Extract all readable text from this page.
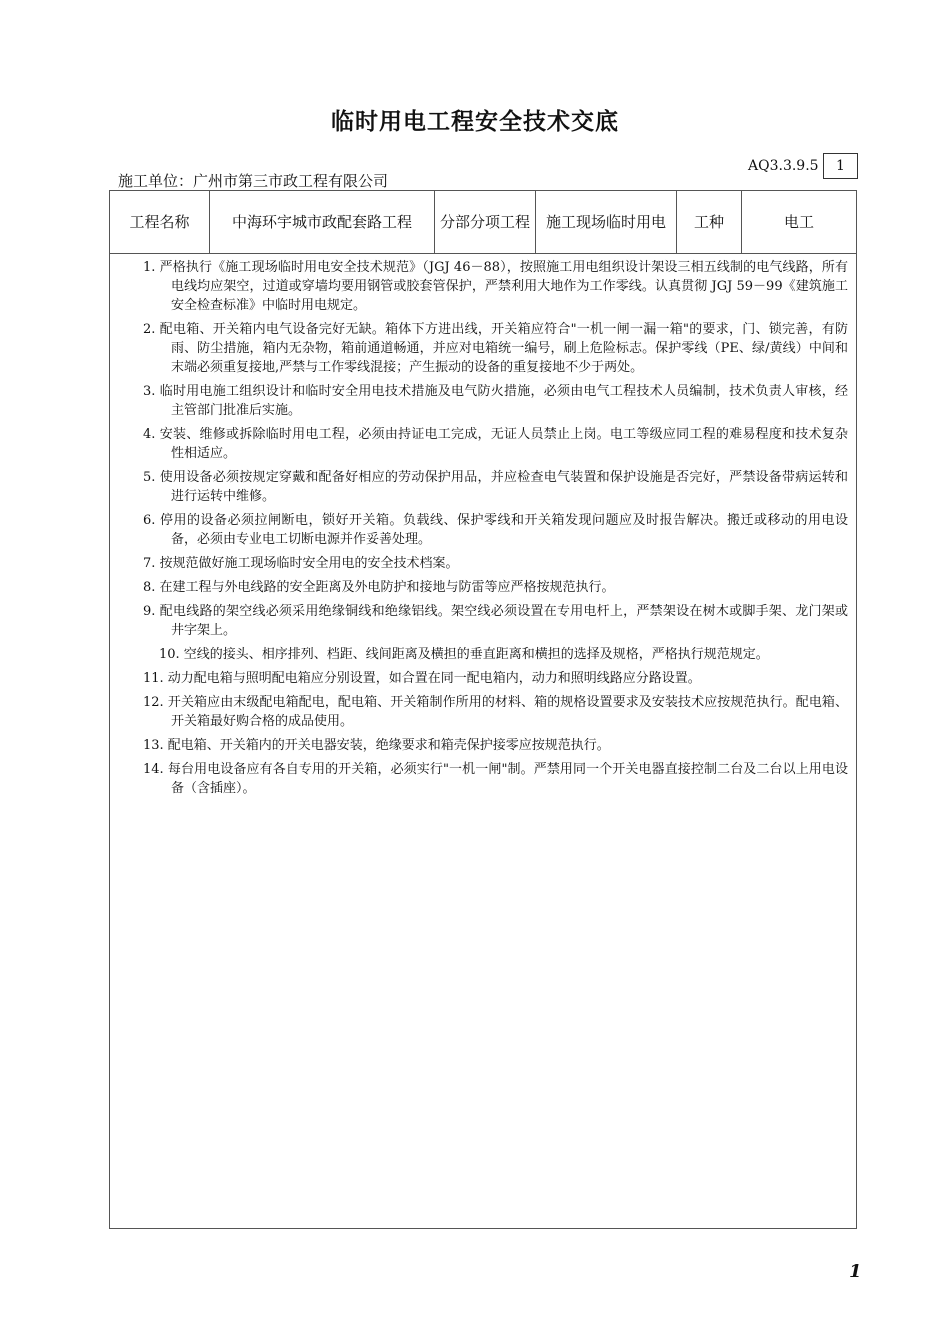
临时用电工程安全技术交底
施工单位：广州市第三市政工程有限公司
AQ3.3.9.5	1
工程名称	中海环宇城市政配套路工程	分部分项工程	施工现场 临时用电	工种	电工
1. 严格执行《施工现场临时用电安全技术规范》（JGJ 46－88），按照施工用电组织设计架设三相五线制的电气线路，所有电线均应架空，过道或穿墙均要用钢管或胶套管保护，严禁利用大地作为工作零线。认真贯彻 JGJ 59－99《建筑施工安全检查标准》中临时用电规定。
2. 配电箱、开关箱内电气设备完好无缺。箱体下方进出线，开关箱应符合"一机一闸一漏一箱"的要求，门、锁完善，有防雨、防尘措施，箱内无杂物，箱前通道畅通，并应对电箱统一编号，刷上危险标志。保护零线（PE、绿/黄线）中间和末端必须重复接地,严禁与工作零线混接；产生振动的设备的重复接地不少于两处。
3. 临时用电施工组织设计和临时安全用电技术措施及电气防火措施，必须由电气工程技术人员编制，技术负责人审核，经主管部门批准后实施。
4. 安装、维修或拆除临时用电工程，必须由持证电工完成，无证人员禁止上岗。电工等级应同工程的难易程度和技术复杂性相适应。
5. 使用设备必须按规定穿戴和配备好相应的劳动保护用品，并应检查电气装置和保护设施是否完好，严禁设备带病运转和进行运转中维修。
6. 停用的设备必须拉闸断电，锁好开关箱。负载线、保护零线和开关箱发现问题应及时报告解决。搬迁或移动的用电设备，必须由专业电工切断电源并作妥善处理。
7. 按规范做好施工现场临时安全用电的安全技术档案。
8. 在建工程与外电线路的安全距离及外电防护和接地与防雷等应严格按规范执行。
9. 配电线路的架空线必须采用绝缘铜线和绝缘铝线。架空线必须设置在专用电杆上，严禁架设在树木或脚手架、龙门架或井字架上。
10. 空线的接头、相序排列、档距、线间距离及横担的垂直距离和横担的选择及规格，严格执行规范规定。
11. 动力配电箱与照明配电箱应分别设置，如合置在同一配电箱内，动力和照明线路应分路设置。
12. 开关箱应由末级配电箱配电，配电箱、开关箱制作所用的材料、箱的规格设置要求及安装技术应按规范执行。配电箱、开关箱最好购合格的成品使用。
13. 配电箱、开关箱内的开关电器安装，绝缘要求和箱壳保护接零应按规范执行。
14. 每台用电设备应有各自专用的开关箱，必须实行"一机一闸"制。严禁用同一个开关电器直接控制二台及二台以上用电设备（含插座）。
1
